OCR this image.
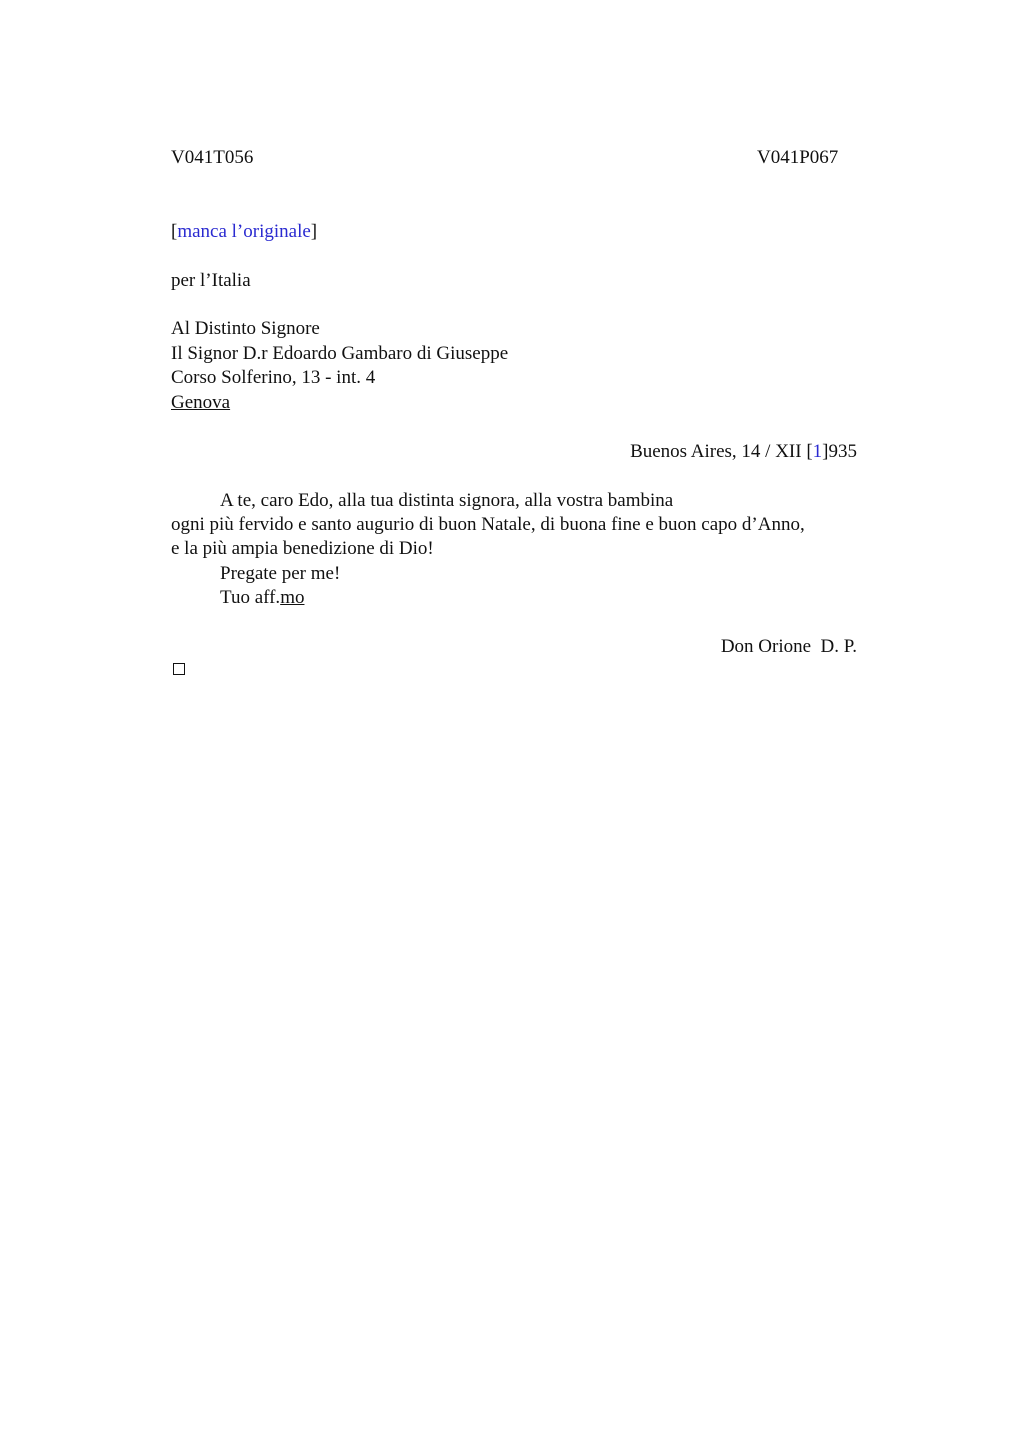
V041T056	V041P067
[manca l’originale]
per l’Italia
Al Distinto Signore
Il Signor D.r Edoardo Gambaro di Giuseppe
Corso Solferino, 13 - int. 4
Genova
Buenos Aires, 14 / XII [1]935
A te, caro Edo, alla tua distinta signora, alla vostra bambina
ogni più fervido e santo augurio di buon Natale, di buona fine e buon capo d’Anno,
e la più ampia benedizione di Dio!
Pregate per me!
Tuo aff.mo
Don Orione  D. P.
